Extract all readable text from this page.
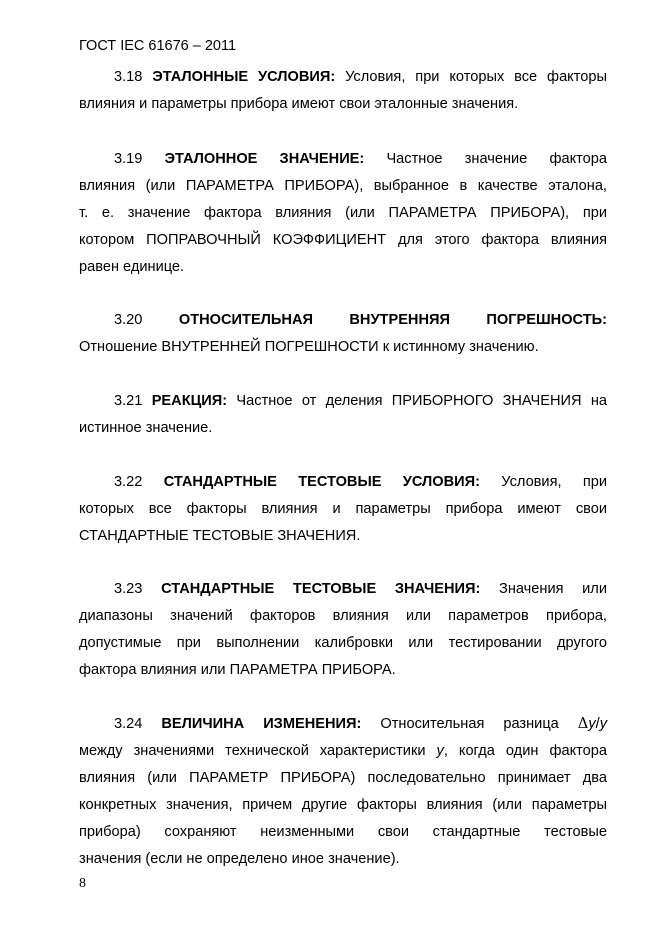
ГОСТ IEC 61676 – 2011
3.18 ЭТАЛОННЫЕ УСЛОВИЯ: Условия, при которых все факторы
влияния и параметры прибора имеют свои эталонные значения.
3.19 ЭТАЛОННОЕ ЗНАЧЕНИЕ: Частное значение фактора
влияния (или ПАРАМЕТРА ПРИБОРА), выбранное в качестве эталона,
т. е. значение фактора влияния (или ПАРАМЕТРА ПРИБОРА), при
котором ПОПРАВОЧНЫЙ КОЭФФИЦИЕНТ для этого фактора влияния
равен единице.
3.20 ОТНОСИТЕЛЬНАЯ ВНУТРЕННЯЯ ПОГРЕШНОСТЬ:
Отношение ВНУТРЕННЕЙ ПОГРЕШНОСТИ к истинному значению.
3.21 РЕАКЦИЯ: Частное от деления ПРИБОРНОГО ЗНАЧЕНИЯ на
истинное значение.
3.22 СТАНДАРТНЫЕ ТЕСТОВЫЕ УСЛОВИЯ: Условия, при
которых все факторы влияния и параметры прибора имеют свои
СТАНДАРТНЫЕ ТЕСТОВЫЕ ЗНАЧЕНИЯ.
3.23 СТАНДАРТНЫЕ ТЕСТОВЫЕ ЗНАЧЕНИЯ: Значения или
диапазоны значений факторов влияния или параметров прибора,
допустимые при выполнении калибровки или тестировании другого
фактора влияния или ПАРАМЕТРА ПРИБОРА.
3.24 ВЕЛИЧИНА ИЗМЕНЕНИЯ: Относительная разница Δy/y
между значениями технической характеристики y, когда один фактора
влияния (или ПАРАМЕТР ПРИБОРА) последовательно принимает два
конкретных значения, причем другие факторы влияния (или параметры
прибора) сохраняют неизменными свои стандартные тестовые
значения (если не определено иное значение).
8
